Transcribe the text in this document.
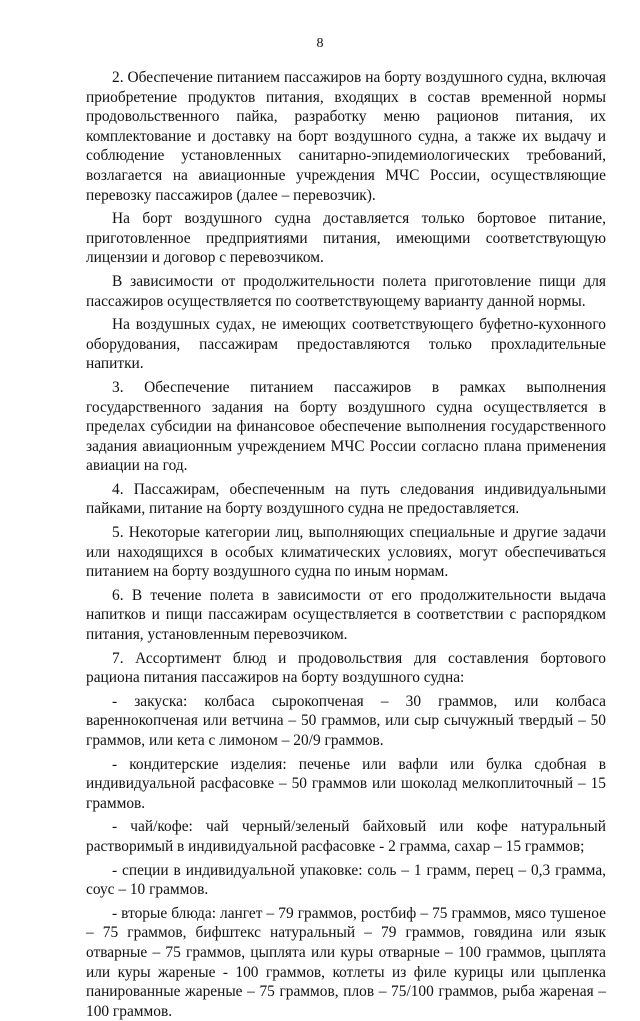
8

2. Обеспечение питанием пассажиров на борту воздушного судна, включая приобретение продуктов питания, входящих в состав временной нормы продовольственного пайка, разработку меню рационов питания, их комплектование и доставку на борт воздушного судна, а также их выдачу и соблюдение установленных санитарно-эпидемиологических требований, возлагается на авиационные учреждения МЧС России, осуществляющие перевозку пассажиров (далее – перевозчик).

На борт воздушного судна доставляется только бортовое питание, приготовленное предприятиями питания, имеющими соответствующую лицензии и договор с перевозчиком.

В зависимости от продолжительности полета приготовление пищи для пассажиров осуществляется по соответствующему варианту данной нормы.

На воздушных судах, не имеющих соответствующего буфетно-кухонного оборудования, пассажирам предоставляются только прохладительные напитки.

3. Обеспечение питанием пассажиров в рамках выполнения государственного задания на борту воздушного судна осуществляется в пределах субсидии на финансовое обеспечение выполнения государственного задания авиационным учреждением МЧС России согласно плана применения авиации на год.

4. Пассажирам, обеспеченным на путь следования индивидуальными пайками, питание на борту воздушного судна не предоставляется.

5. Некоторые категории лиц, выполняющих специальные и другие задачи или находящихся в особых климатических условиях, могут обеспечиваться питанием на борту воздушного судна по иным нормам.

6. В течение полета в зависимости от его продолжительности выдача напитков и пищи пассажирам осуществляется в соответствии с распорядком питания, установленным перевозчиком.

7. Ассортимент блюд и продовольствия для составления бортового рациона питания пассажиров на борту воздушного судна:

- закуска: колбаса сырокопченая – 30 граммов, или колбаса вареннокопченая или ветчина – 50 граммов, или сыр сычужный твердый – 50 граммов, или кета с лимоном – 20/9 граммов.

- кондитерские изделия: печенье или вафли или булка сдобная в индивидуальной расфасовке – 50 граммов или шоколад мелкоплиточный – 15 граммов.

- чай/кофе: чай черный/зеленый байховый или кофе натуральный растворимый в индивидуальной расфасовке - 2 грамма, сахар – 15 граммов;

- специи в индивидуальной упаковке: соль – 1 грамм, перец – 0,3 грамма, соус – 10 граммов.

- вторые блюда: лангет – 79 граммов, ростбиф – 75 граммов, мясо тушеное – 75 граммов, бифштекс натуральный – 79 граммов, говядина или язык отварные – 75 граммов, цыплята или куры отварные – 100 граммов, цыплята или куры жареные - 100 граммов, котлеты из филе курицы или цыпленка панированные жареные – 75 граммов, плов – 75/100 граммов, рыба жареная – 100 граммов.
